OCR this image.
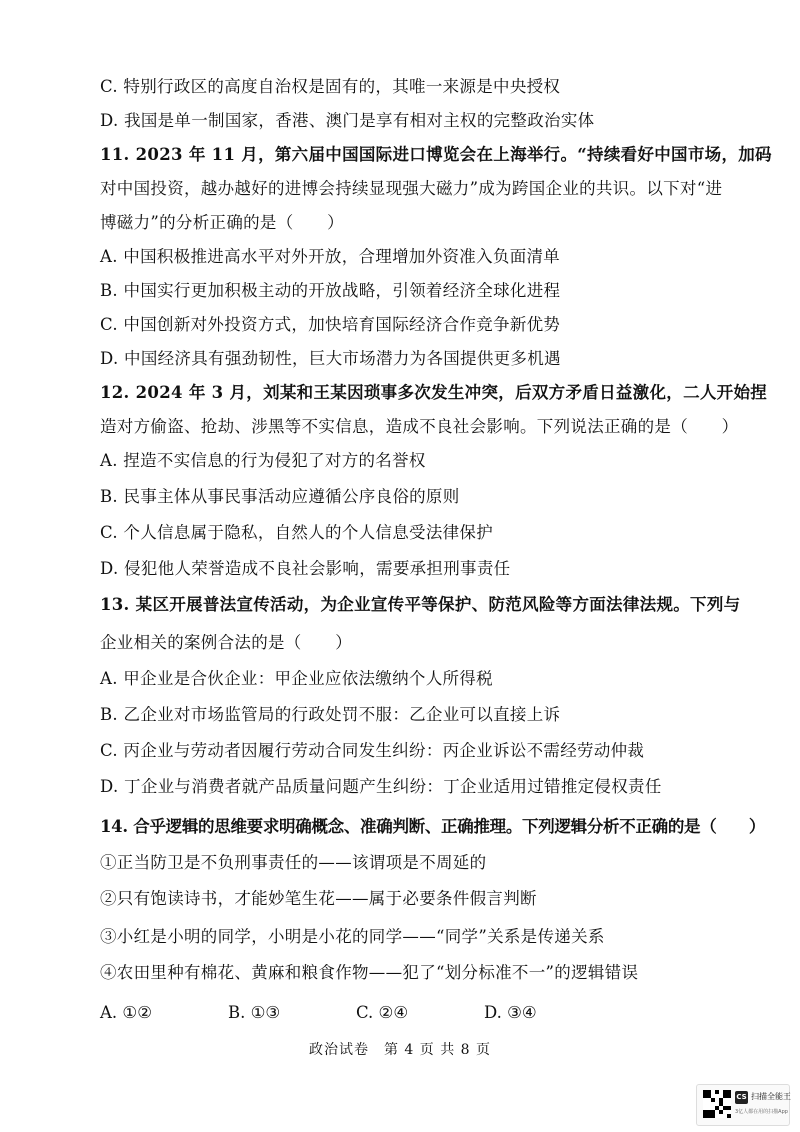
C. 特别行政区的高度自治权是固有的，其唯一来源是中央授权
D. 我国是单一制国家，香港、澳门是享有相对主权的完整政治实体
11. 2023 年 11 月，第六届中国国际进口博览会在上海举行。“持续看好中国市场，加码
对中国投资，越办越好的进博会持续显现强大磁力”成为跨国企业的共识。以下对“进
博磁力”的分析正确的是（　　）
A. 中国积极推进高水平对外开放，合理增加外资准入负面清单
B. 中国实行更加积极主动的开放战略，引领着经济全球化进程
C. 中国创新对外投资方式，加快培育国际经济合作竞争新优势
D. 中国经济具有强劲韧性，巨大市场潜力为各国提供更多机遇
12. 2024 年 3 月，刘某和王某因琐事多次发生冲突，后双方矛盾日益激化，二人开始捏
造对方偷盗、抢劫、涉黑等不实信息，造成不良社会影响。下列说法正确的是（　　）
A. 捏造不实信息的行为侵犯了对方的名誉权
B. 民事主体从事民事活动应遵循公序良俗的原则
C. 个人信息属于隐私，自然人的个人信息受法律保护
D. 侵犯他人荣誉造成不良社会影响，需要承担刑事责任
13. 某区开展普法宣传活动，为企业宣传平等保护、防范风险等方面法律法规。下列与
企业相关的案例合法的是（　　）
A. 甲企业是合伙企业：甲企业应依法缴纳个人所得税
B. 乙企业对市场监管局的行政处罚不服：乙企业可以直接上诉
C. 丙企业与劳动者因履行劳动合同发生纠纷：丙企业诉讼不需经劳动仲裁
D. 丁企业与消费者就产品质量问题产生纠纷：丁企业适用过错推定侵权责任
14. 合乎逻辑的思维要求明确概念、准确判断、正确推理。下列逻辑分析不正确的是（　　）
①正当防卫是不负刑事责任的——该谓项是不周延的
②只有饱读诗书，才能妙笔生花——属于必要条件假言判断
③小红是小明的同学，小明是小花的同学——“同学”关系是传递关系
④农田里种有棉花、黄麻和粮食作物——犯了“划分标准不一”的逻辑错误
A. ①②	B. ①③	C. ②④	D. ③④
政治试卷　第 4 页 共 8 页
CS 扫描全能王
3亿人都在用的扫描App
